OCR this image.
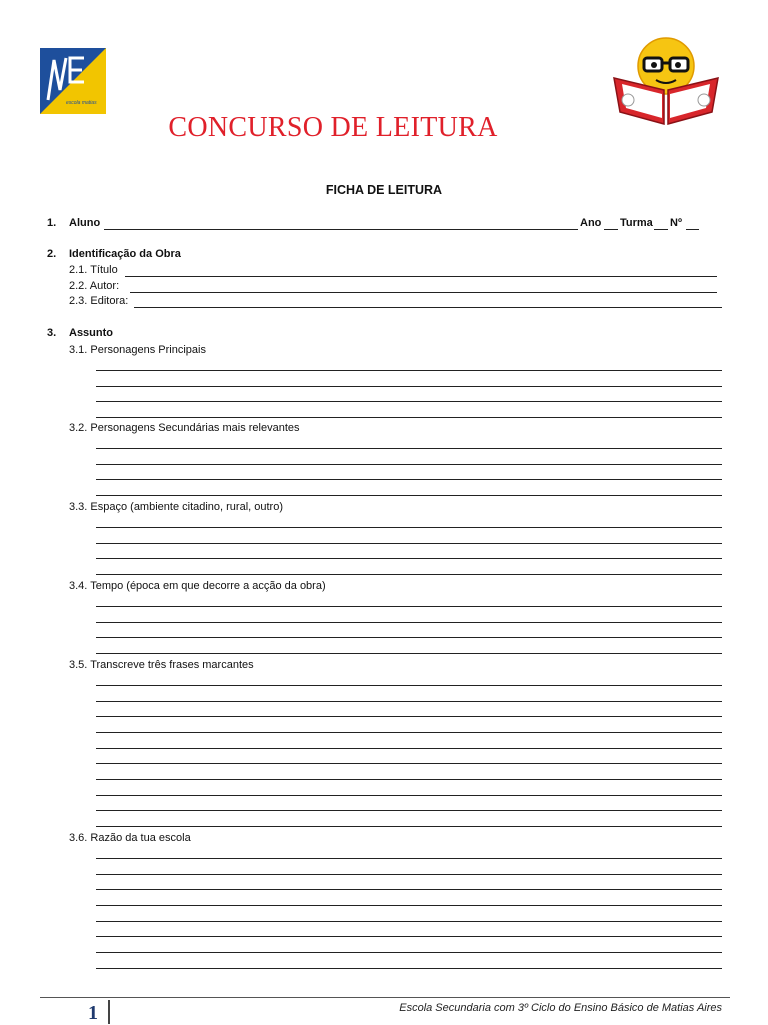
escola matias
CONCURSO DE LEITURA
FICHA DE LEITURA
1. Aluno	Ano Turma Nº
2. Identificação da Obra
2.1. Título
2.2. Autor:
2.3. Editora:
3. Assunto
3.1. Personagens Principais
3.2. Personagens Secundárias mais relevantes
3.3. Espaço (ambiente citadino, rural, outro)
3.4. Tempo (época em que decorre a acção da obra)
3.5. Transcreve três frases marcantes
3.6. Razão da tua escola
1	Escola Secundaria com 3º Ciclo do Ensino Básico de Matias Aires
